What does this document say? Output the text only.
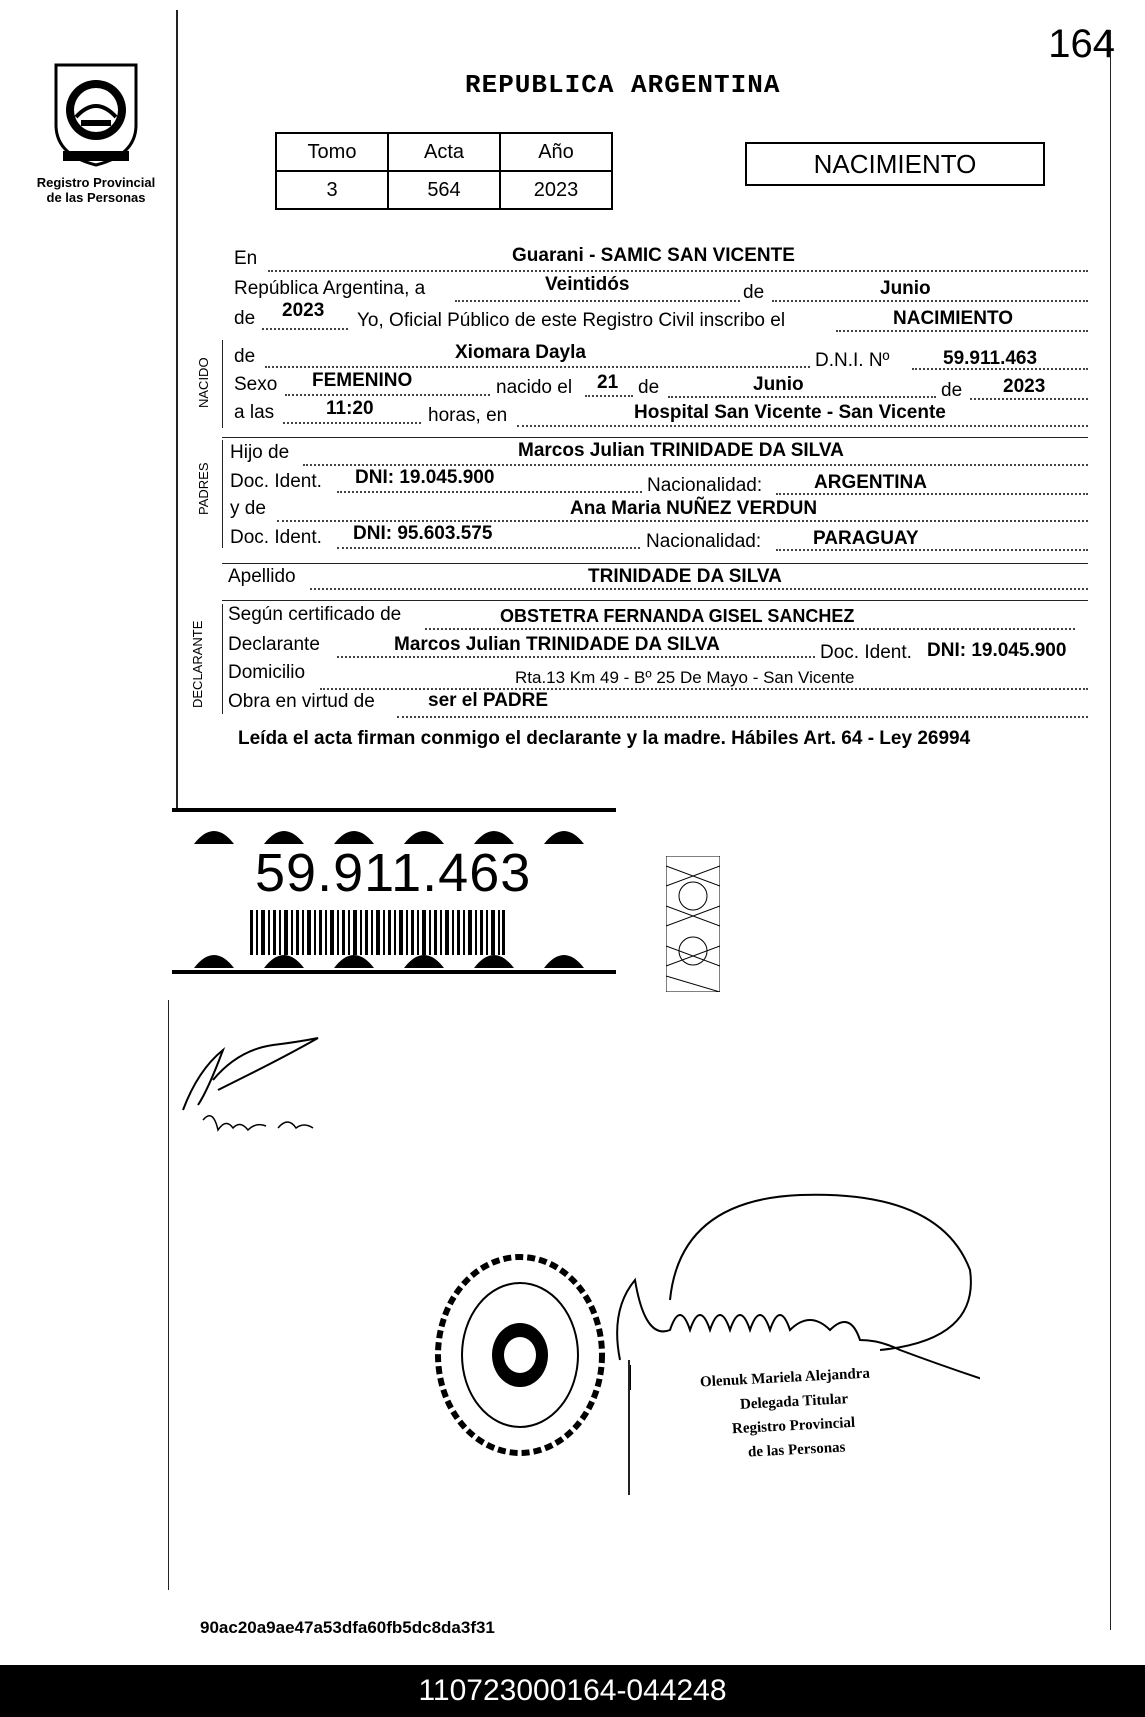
164
Registro Provincial
de las Personas
REPUBLICA ARGENTINA
Tomo	Acta	Año
3	564	2023
NACIMIENTO
En	Guarani - SAMIC SAN VICENTE
República Argentina, a	Veintidós	de	Junio
de 2023 Yo, Oficial Público de este Registro Civil inscribo el	NACIMIENTO
NACIDO
de	Xiomara Dayla	D.N.I. Nº	59.911.463
Sexo FEMENINO	nacido el 21 de	Junio	de 2023
a las	11:20	horas, en	Hospital San Vicente - San Vicente
PADRES
Hijo de	Marcos Julian TRINIDADE DA SILVA
Doc. Ident. DNI: 19.045.900	Nacionalidad:	ARGENTINA
y de	Ana Maria NUÑEZ VERDUN
Doc. Ident. DNI: 95.603.575	Nacionalidad:	PARAGUAY
Apellido	TRINIDADE DA SILVA
DECLARANTE
Según certificado de	OBSTETRA FERNANDA GISEL SANCHEZ
Declarante	Marcos Julian TRINIDADE DA SILVA	Doc. Ident. DNI: 19.045.900
Domicilio	Rta.13 Km 49 - Bº 25 De Mayo - San Vicente
Obra en virtud de	ser el PADRE
Leída el acta firman conmigo el declarante y la madre. Hábiles Art. 64 - Ley 26994
59.911.463
Olenuk Mariela Alejandra
Delegada Titular
Registro Provincial
de las Personas
90ac20a9ae47a53dfa60fb5dc8da3f31
110723000164-044248
